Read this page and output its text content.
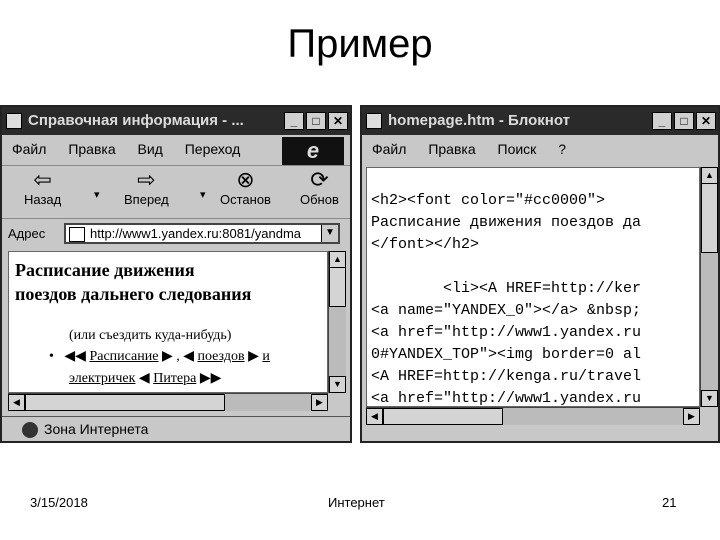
Пример
Справочная информация - ...	_	□	✕
Файл Правка Вид Переход	e
⇦
Назад	▾
⇨
Вперед	▾
⊗
Останов
⟳
Обнов
Адрес	http://www1.yandex.ru:8081/yandma	▼
Расписание движения
поездов дальнего следования
(или съездить куда-нибудь)
•   ◀◀ Расписание ▶ , ◀ поездов ▶ и
электричек ◀ Питера ▶▶
▲
▼
◀	▶
Зона Интернета
homepage.htm - Блокнот	_	□	✕
Файл Правка Поиск ?
<h2><font color="#cc0000">
Расписание движения поездов да
</font></h2>
<li><A HREF=http://ker
<a name="YANDEX_0"></a> &nbsp;
<a href="http://www1.yandex.ru
0#YANDEX_TOP"><img border=0 al
<A HREF=http://kenga.ru/travel
<a href="http://www1.yandex.ru
▲
▼
◀	▶
3/15/2018	Интернет	21
